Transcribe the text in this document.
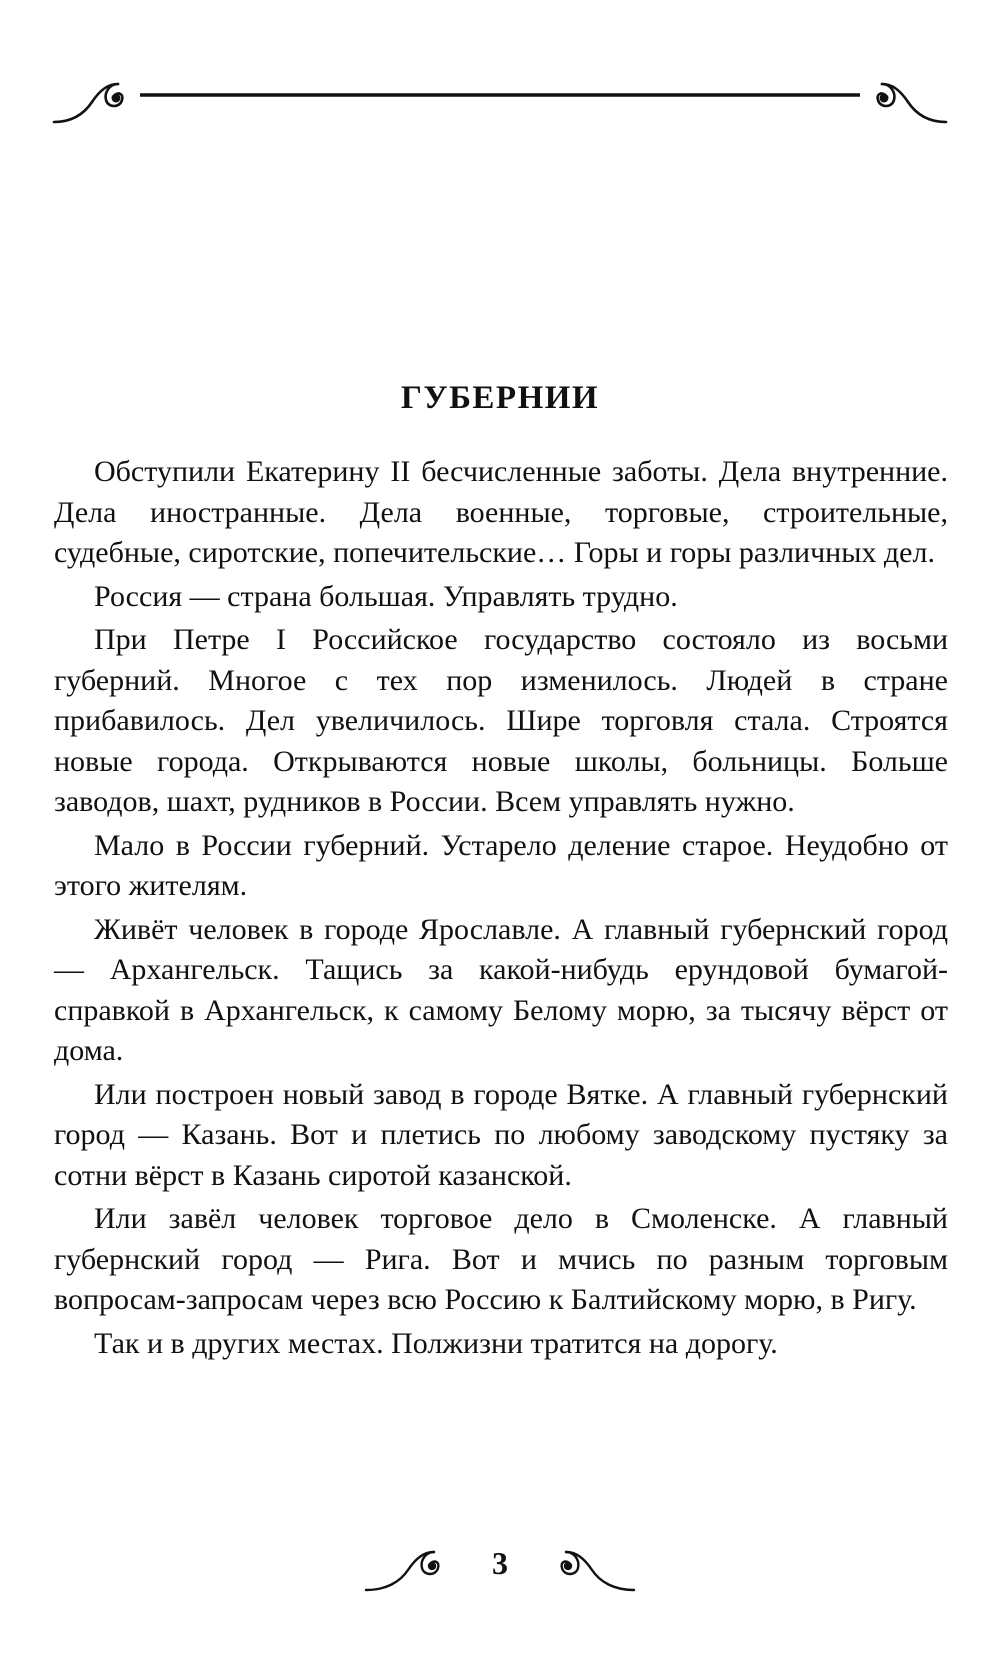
ГУБЕРНИИ

Обступили Екатерину II бесчисленные заботы. Дела внутренние. Дела иностранные. Дела военные, торговые, строительные, судебные, сиротские, попечительские… Горы и горы различных дел.

Россия — страна большая. Управлять трудно.

При Петре I Российское государство состояло из восьми губерний. Многое с тех пор изменилось. Людей в стране прибавилось. Дел увеличилось. Шире торговля стала. Строятся новые города. Открываются новые школы, больницы. Больше заводов, шахт, рудников в России. Всем управлять нужно.

Мало в России губерний. Устарело деление старое. Неудобно от этого жителям.

Живёт человек в городе Ярославле. А главный губернский город — Архангельск. Тащись за какой-нибудь ерундовой бумагой-справкой в Архангельск, к самому Белому морю, за тысячу вёрст от дома.

Или построен новый завод в городе Вятке. А главный губернский город — Казань. Вот и плетись по любому заводскому пустяку за сотни вёрст в Казань сиротой казанской.

Или завёл человек торговое дело в Смоленске. А главный губернский город — Рига. Вот и мчись по разным торговым вопросам-запросам через всю Россию к Балтийскому морю, в Ригу.

Так и в других местах. Полжизни тратится на дорогу.

3
